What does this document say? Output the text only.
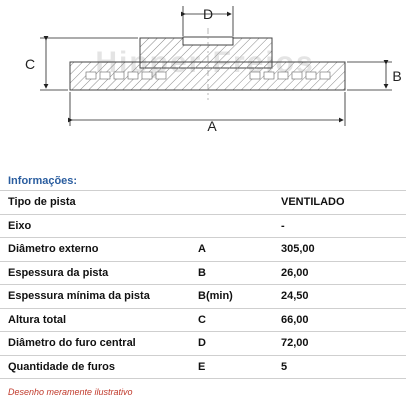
D
C
B
A
Informações:
Tipo de pista		VENTILADO
Eixo		-
Diâmetro externo	A	305,00
Espessura da pista	B	26,00
Espessura mínima da pista	B(min)	24,50
Altura total	C	66,00
Diâmetro do furo central	D	72,00
Quantidade de furos	E	5
Desenho meramente ilustrativo
